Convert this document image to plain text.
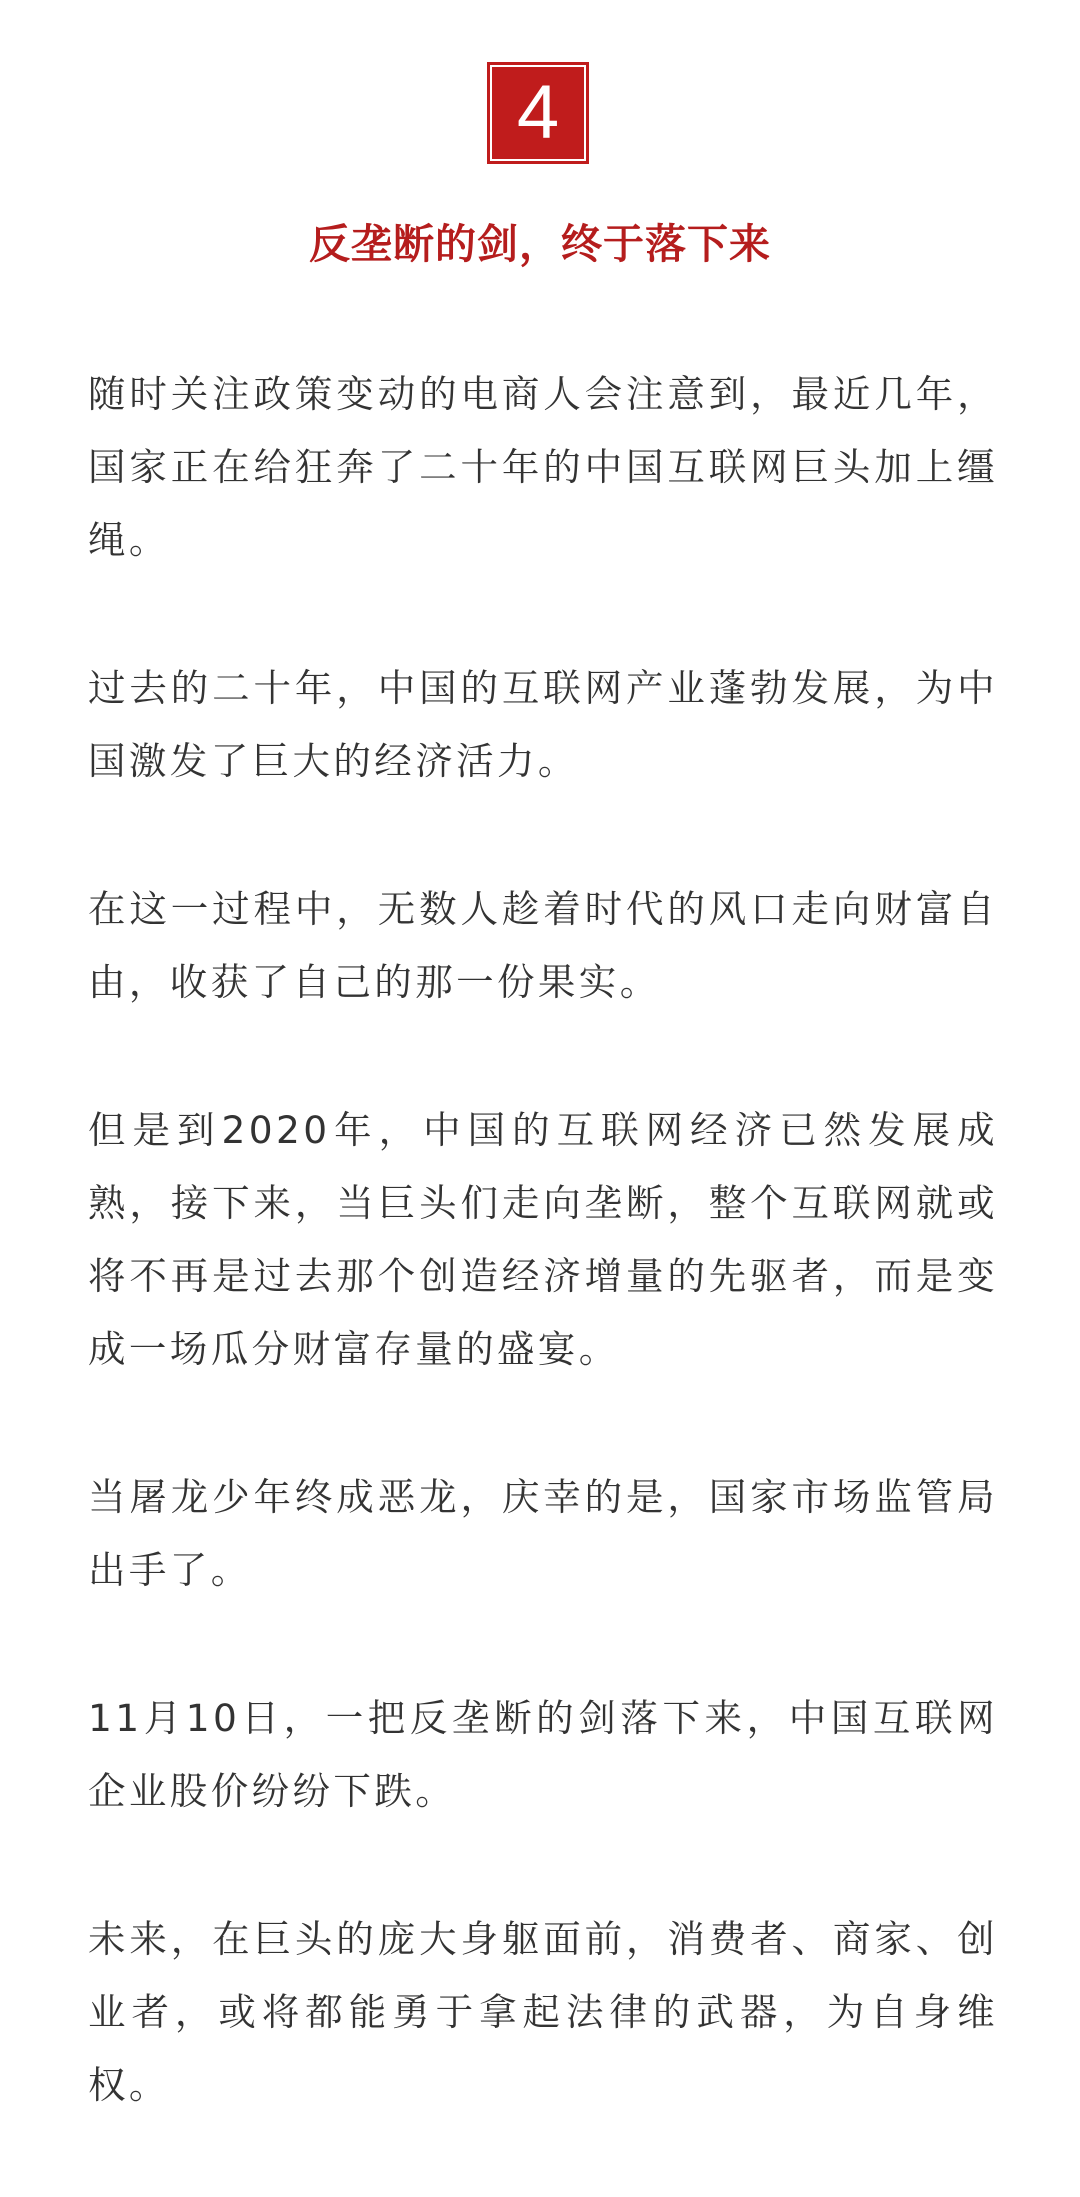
4
反垄断的剑，终于落下来

随时关注政策变动的电商人会注意到，最近几年，国家正在给狂奔了二十年的中国互联网巨头加上缰绳。

过去的二十年，中国的互联网产业蓬勃发展，为中国激发了巨大的经济活力。

在这一过程中，无数人趁着时代的风口走向财富自由，收获了自己的那一份果实。

但是到2020年，中国的互联网经济已然发展成熟，接下来，当巨头们走向垄断，整个互联网就或将不再是过去那个创造经济增量的先驱者，而是变成一场瓜分财富存量的盛宴。

当屠龙少年终成恶龙，庆幸的是，国家市场监管局出手了。

11月10日，一把反垄断的剑落下来，中国互联网企业股价纷纷下跌。

未来，在巨头的庞大身躯面前，消费者、商家、创业者，或将都能勇于拿起法律的武器，为自身维权。
